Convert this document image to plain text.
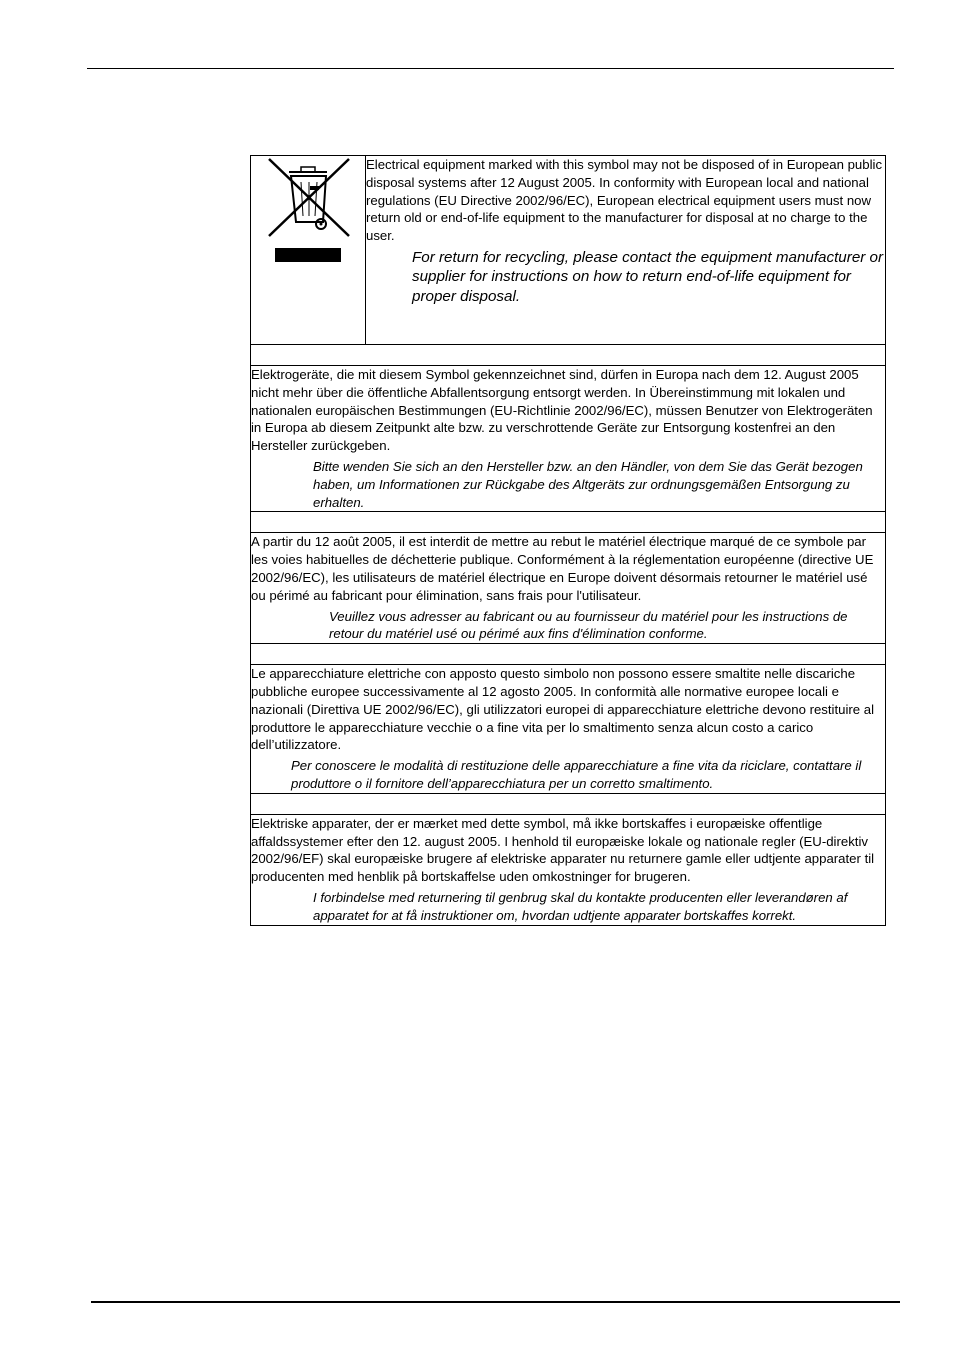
Electrical equipment marked with this symbol may not be disposed of in European public disposal systems after 12 August 2005. In conformity with European local and national regulations (EU Directive 2002/96/EC), European electrical equipment users must now return old or end-of-life equipment to the manufacturer for disposal at no charge to the user.

For return for recycling, please contact the equipment manufacturer or supplier for instructions on how to return end-of-life equipment for proper disposal.

Elektrogeräte, die mit diesem Symbol gekennzeichnet sind, dürfen in Europa nach dem 12. August 2005 nicht mehr über die öffentliche Abfallentsorgung entsorgt werden. In Übereinstimmung mit lokalen und nationalen europäischen Bestimmungen (EU-Richtlinie 2002/96/EC), müssen Benutzer von Elektrogeräten in Europa ab diesem Zeitpunkt alte bzw. zu verschrottende Geräte zur Entsorgung kostenfrei an den Hersteller zurückgeben.

Bitte wenden Sie sich an den Hersteller bzw. an den Händler, von dem Sie das Gerät bezogen haben, um Informationen zur Rückgabe des Altgeräts zur ordnungsgemäßen Entsorgung zu erhalten.

A partir du 12 août 2005, il est interdit de mettre au rebut le matériel électrique marqué de ce symbole par les voies habituelles de déchetterie publique. Conformément à la réglementation européenne (directive UE 2002/96/EC), les utilisateurs de matériel électrique en Europe doivent désormais retourner le matériel usé ou périmé au fabricant pour élimination, sans frais pour l'utilisateur.

Veuillez vous adresser au fabricant ou au fournisseur du matériel pour les instructions de retour du matériel usé ou périmé aux fins d'élimination conforme.

Le apparecchiature elettriche con apposto questo simbolo non possono essere smaltite nelle discariche pubbliche europee successivamente al 12 agosto 2005. In conformità alle normative europee locali e nazionali (Direttiva UE 2002/96/EC), gli utilizzatori europei di apparecchiature elettriche devono restituire al produttore le apparecchiature vecchie o a fine vita per lo smaltimento senza alcun costo a carico dell’utilizzatore.

Per conoscere le modalità di restituzione delle apparecchiature a fine vita da riciclare, contattare il produttore o il fornitore dell’apparecchiatura per un corretto smaltimento.

Elektriske apparater, der er mærket med dette symbol, må ikke bortskaffes i europæiske offentlige affaldssystemer efter den 12. august 2005. I henhold til europæiske lokale og nationale regler (EU-direktiv 2002/96/EF) skal europæiske brugere af elektriske apparater nu returnere gamle eller udtjente apparater til producenten med henblik på bortskaffelse uden omkostninger for brugeren.

I forbindelse med returnering til genbrug skal du kontakte producenten eller leverandøren af apparatet for at få instruktioner om, hvordan udtjente apparater bortskaffes korrekt.
